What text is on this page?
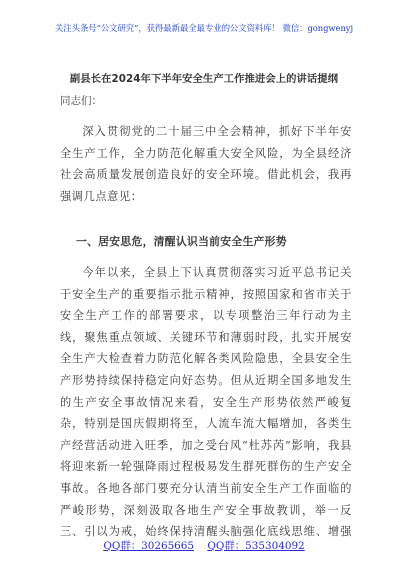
关注头条号“公文研究”，获得最新最全最专业的公文资料库！ 微信：gongwenyj
副县长在2024年下半年安全生产工作推进会上的讲话提纲
同志们：

深入贯彻党的二十届三中全会精神，抓好下半年安全生产工作，全力防范化解重大安全风险，为全县经济社会高质量发展创造良好的安全环境。借此机会，我再强调几点意见：

一、居安思危，清醒认识当前安全生产形势

今年以来，全县上下认真贯彻落实习近平总书记关于安全生产的重要指示批示精神，按照国家和省市关于安全生产工作的部署要求，以专项整治三年行动为主线，聚焦重点领域、关键环节和薄弱时段，扎实开展安全生产大检查着力防范化解各类风险隐患，全县安全生产形势持续保持稳定向好态势。但从近期全国多地发生的生产安全事故情况来看，安全生产形势依然严峻复杂，特别是国庆假期将至，人流车流大幅增加，各类生产经营活动进入旺季，加之受台风“杜苏芮”影响，我县将迎来新一轮强降雨过程极易发生群死群伤的生产安全事故。各地各部门要充分认清当前安全生产工作面临的严峻形势，深刻汲取各地生产安全事故教训，举一反三、引以为戒，始终保持清醒头脑强化底线思维、增强

QQ群：30265665 QQ群：535304092
